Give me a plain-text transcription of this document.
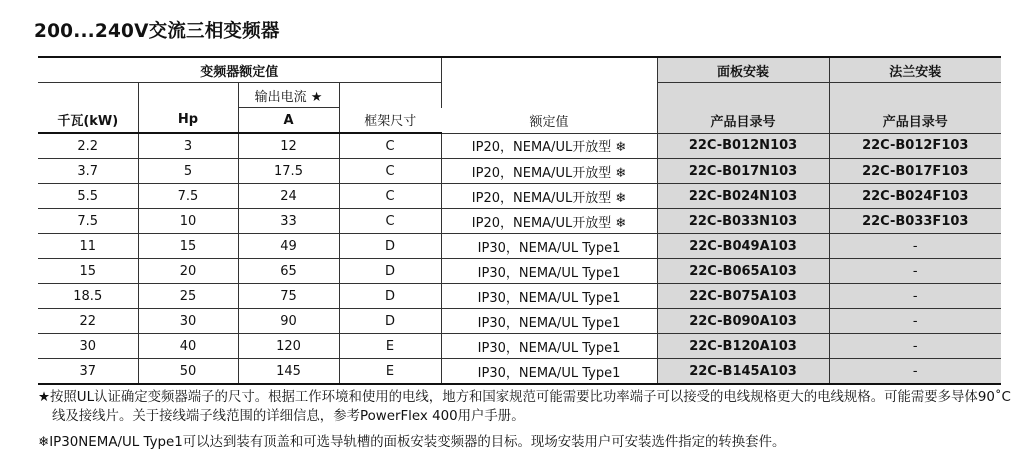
200...240V交流三相变频器
变频器额定值				额定值	面板安装	法兰安装
		输出电流 ★			产品目录号	产品目录号
千瓦(kW)	Hp	A	框架尺寸			
2.2	3	12	C	IP20，NEMA/UL开放型 ❄	22C-B012N103	22C-B012F103
3.7	5	17.5	C	IP20，NEMA/UL开放型 ❄	22C-B017N103	22C-B017F103
5.5	7.5	24	C	IP20，NEMA/UL开放型 ❄	22C-B024N103	22C-B024F103
7.5	10	33	C	IP20，NEMA/UL开放型 ❄	22C-B033N103	22C-B033F103
11	15	49	D	IP30，NEMA/UL Type1	22C-B049A103	-
15	20	65	D	IP30，NEMA/UL Type1	22C-B065A103	-
18.5	25	75	D	IP30，NEMA/UL Type1	22C-B075A103	-
22	30	90	D	IP30，NEMA/UL Type1	22C-B090A103	-
30	40	120	E	IP30，NEMA/UL Type1	22C-B120A103	-
37	50	145	E	IP30，NEMA/UL Type1	22C-B145A103	-

★按照UL认证确定变频器端子的尺寸。根据工作环境和使用的电线，地方和国家规范可能需要比功率端子可以接受的电线规格更大的电线规格。可能需要多导体90˚C 线及接线片。关于接线端子线范围的详细信息，参考PowerFlex 400用户手册。

❄IP30NEMA/UL Type1可以达到装有顶盖和可选导轨槽的面板安装变频器的目标。现场安装用户可安装选件指定的转换套件。
